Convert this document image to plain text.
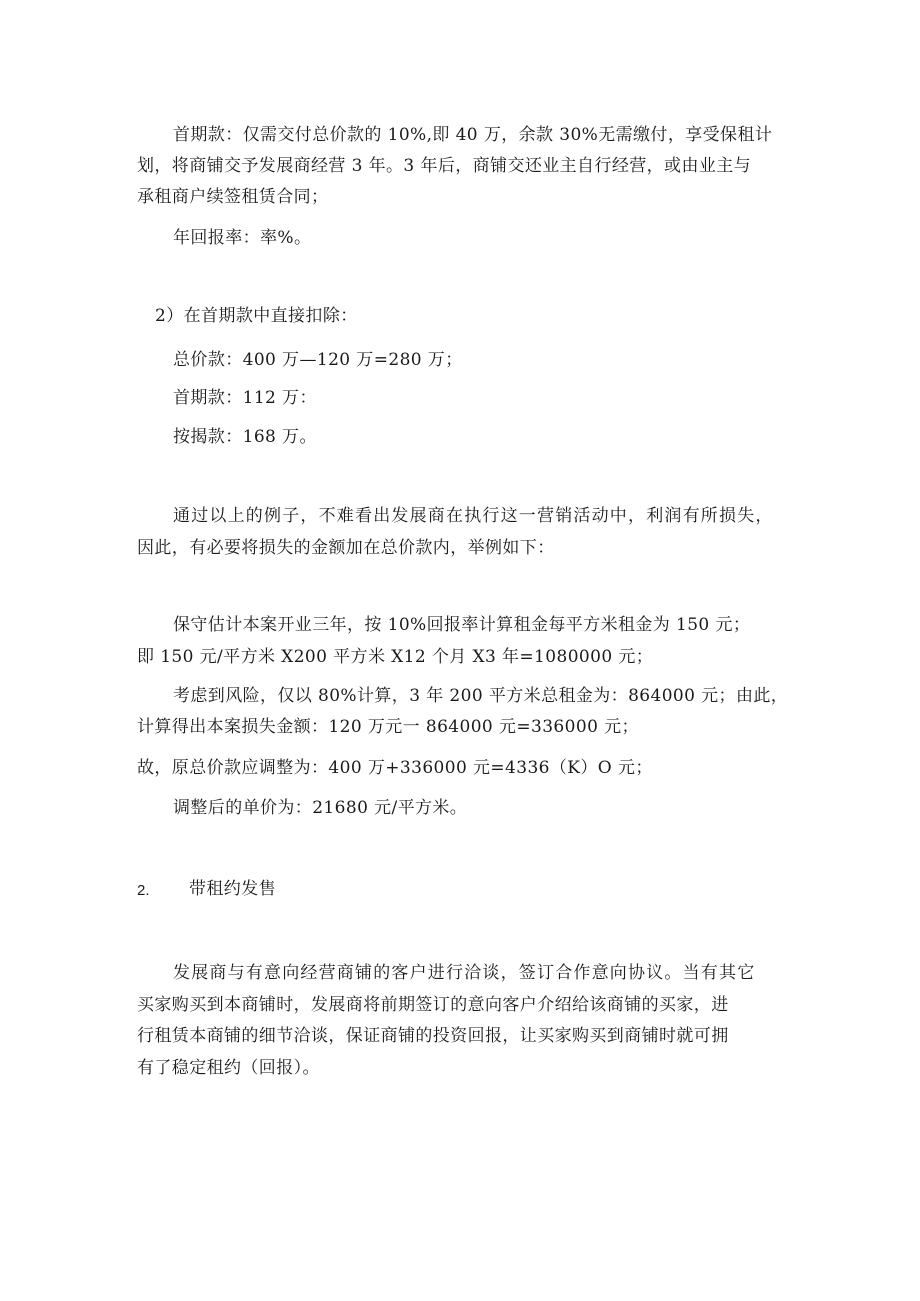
首期款：仅需交付总价款的 10%,即 40 万，余款 30%无需缴付，享受保租计
划，将商铺交予发展商经营 3 年。3 年后，商铺交还业主自行经营，或由业主与
承租商户续签租赁合同；
年回报率：率%。
2）在首期款中直接扣除：
总价款：400 万—120 万=280 万；
首期款：112 万：
按揭款：168 万。
通过以上的例子，不难看出发展商在执行这一营销活动中，利润有所损失，
因此，有必要将损失的金额加在总价款内，举例如下：
保守估计本案开业三年，按 10%回报率计算租金每平方米租金为 150 元；
即 150 元/平方米 X200 平方米 X12 个月 X3 年=1080000 元；
考虑到风险，仅以 80%计算，3 年 200 平方米总租金为：864000 元；由此，
计算得出本案损失金额：120 万元一 864000 元=336000 元；
故，原总价款应调整为：400 万+336000 元=4336（K）O 元；
调整后的单价为：21680 元/平方米。
2. 带租约发售
发展商与有意向经营商铺的客户进行洽谈，签订合作意向协议。当有其它
买家购买到本商铺时，发展商将前期签订的意向客户介绍给该商铺的买家，进
行租赁本商铺的细节洽谈，保证商铺的投资回报，让买家购买到商铺时就可拥
有了稳定租约（回报）。
